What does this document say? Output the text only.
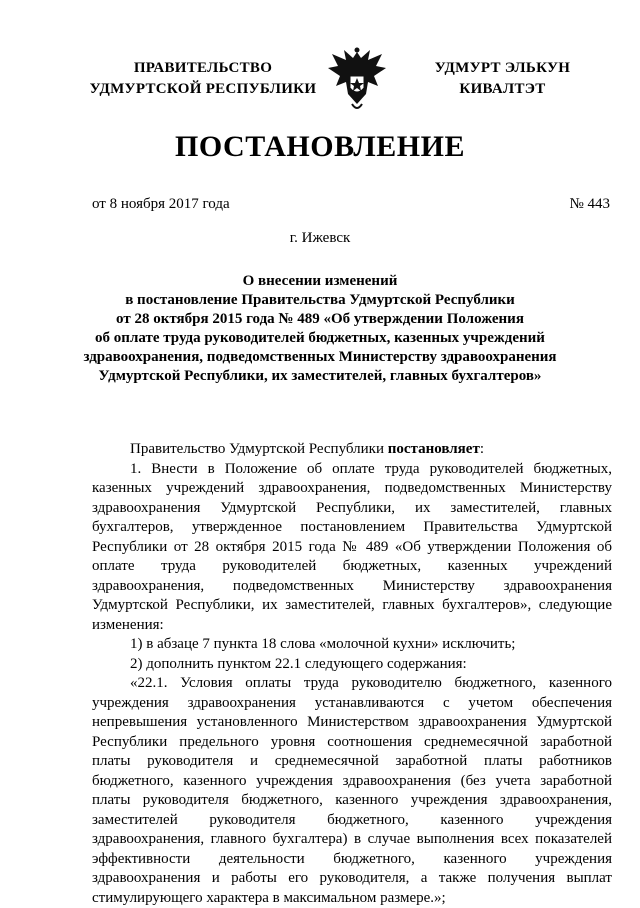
ПРАВИТЕЛЬСТВО
УДМУРТСКОЙ РЕСПУБЛИКИ
УДМУРТ ЭЛЬКУН
КИВАЛТЭТ
ПОСТАНОВЛЕНИЕ
от 8 ноября 2017 года	№ 443
г. Ижевск
О внесении изменений
в постановление Правительства Удмуртской Республики
от 28 октября 2015 года № 489 «Об утверждении Положения
об оплате труда руководителей бюджетных, казенных учреждений
здравоохранения, подведомственных Министерству здравоохранения
Удмуртской Республики, их заместителей, главных бухгалтеров»

Правительство Удмуртской Республики постановляет:

1. Внести в Положение об оплате труда руководителей бюджетных, казенных учреждений здравоохранения, подведомственных Министерству здравоохранения Удмуртской Республики, их заместителей, главных бухгалтеров, утвержденное постановлением Правительства Удмуртской Республики от 28 октября 2015 года № 489 «Об утверждении Положения об оплате труда руководителей бюджетных, казенных учреждений здравоохранения, подведомственных Министерству здравоохранения Удмуртской Республики, их заместителей, главных бухгалтеров», следующие изменения:

1) в абзаце 7 пункта 18 слова «молочной кухни» исключить;

2) дополнить пунктом 22.1 следующего содержания:

«22.1. Условия оплаты труда руководителю бюджетного, казенного учреждения здравоохранения устанавливаются с учетом обеспечения непревышения установленного Министерством здравоохранения Удмуртской Республики предельного уровня соотношения среднемесячной заработной платы руководителя и среднемесячной заработной платы работников бюджетного, казенного учреждения здравоохранения (без учета заработной платы руководителя бюджетного, казенного учреждения здравоохранения, заместителей руководителя бюджетного, казенного учреждения здравоохранения, главного бухгалтера) в случае выполнения всех показателей эффективности деятельности бюджетного, казенного учреждения здравоохранения и работы его руководителя, а также получения выплат стимулирующего характера в максимальном размере.»;
